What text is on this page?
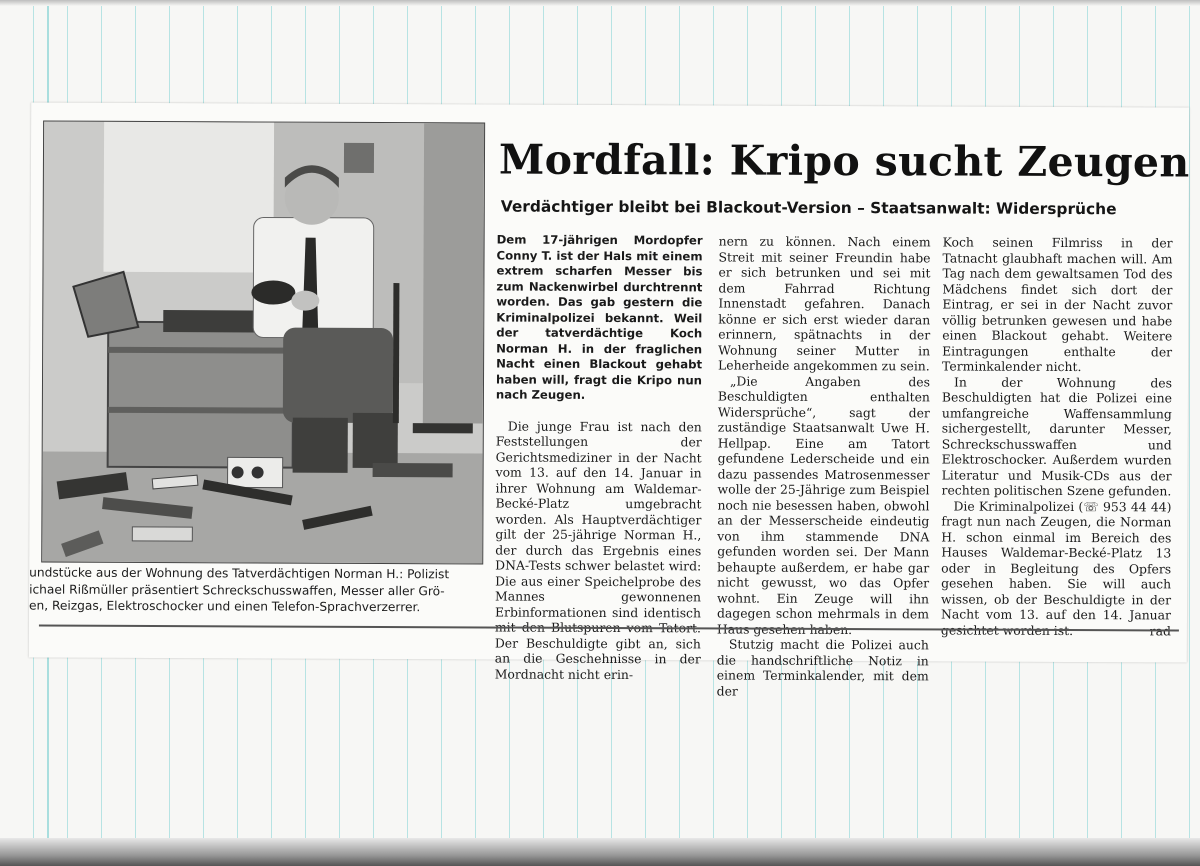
undstücke aus der Wohnung des Tatverdächtigen Norman H.: Polizist

ichael Rißmüller präsentiert Schreckschusswaffen, Messer aller Grö-

en, Reizgas, Elektroschocker und einen Telefon-Sprachverzerrer.

Mordfall: Kripo sucht Zeugen
Verdächtiger bleibt bei Blackout-Version – Staatsanwalt: Widersprüche

Dem 17-jährigen Mordopfer Conny T. ist der Hals mit einem extrem scharfen Messer bis zum Nackenwirbel durchtrennt worden. Das gab gestern die Kriminalpolizei bekannt. Weil der tatverdächtige Koch Norman H. in der fraglichen Nacht einen Blackout gehabt haben will, fragt die Kripo nun nach Zeugen.

Die junge Frau ist nach den Feststellungen der Gerichtsmediziner in der Nacht vom 13. auf den 14. Januar in ihrer Wohnung am Waldemar-Becké-Platz umgebracht worden. Als Hauptverdächtiger gilt der 25-jährige Norman H., der durch das Ergebnis eines DNA-Tests schwer belastet wird: Die aus einer Speichelprobe des Mannes gewonnenen Erbinformationen sind identisch Der Beschuldigte gibt an, sich an die Geschehnisse in der Mordnacht nicht erin-

nern zu können. Nach einem Streit mit seiner Freundin habe er sich betrunken und sei mit dem Fahrrad Richtung Innenstadt gefahren. Danach könne er sich erst wieder daran erinnern, spätnachts in der Wohnung seiner Mutter in Leherheide angekommen zu sein.

„Die Angaben des Beschuldigten enthalten Widersprüche“, sagt der zuständige Staatsanwalt Uwe H. Hellpap. Eine am Tatort gefundene Lederscheide und ein dazu passendes Matrosenmesser wolle der 25-Jährige zum Beispiel noch nie besessen haben, obwohl an der Messerscheide eindeutig von ihm stammende DNA gefunden worden sei. Der Mann behaupte außerdem, er habe gar nicht gewusst, wo das Opfer wohnt. Ein Zeuge will ihn dagegen schon mehrmals in dem

Stutzig macht die Polizei auch die handschriftliche Notiz in einem Terminkalender, mit dem der

Koch seinen Filmriss in der Tatnacht glaubhaft machen will. Am Tag nach dem gewaltsamen Tod des Mädchens findet sich dort der Eintrag, er sei in der Nacht zuvor völlig betrunken gewesen und habe einen Blackout gehabt. Weitere Eintragungen enthalte der Terminkalender nicht.

In der Wohnung des Beschuldigten hat die Polizei eine umfangreiche Waffensammlung sichergestellt, darunter Messer, Schreckschusswaffen und Elektroschocker. Außerdem wurden Literatur und Musik-CDs aus der rechten politischen Szene gefunden.

Die Kriminalpolizei (☏ 953 44 44) fragt nun nach Zeugen, die Norman H. schon einmal im Bereich des Hauses Waldemar-Becké-Platz 13 oder in Begleitung des Opfers gesehen haben. Sie will auch wissen, ob der Beschuldigte in der Nacht vom 13. auf den 14. Januar
